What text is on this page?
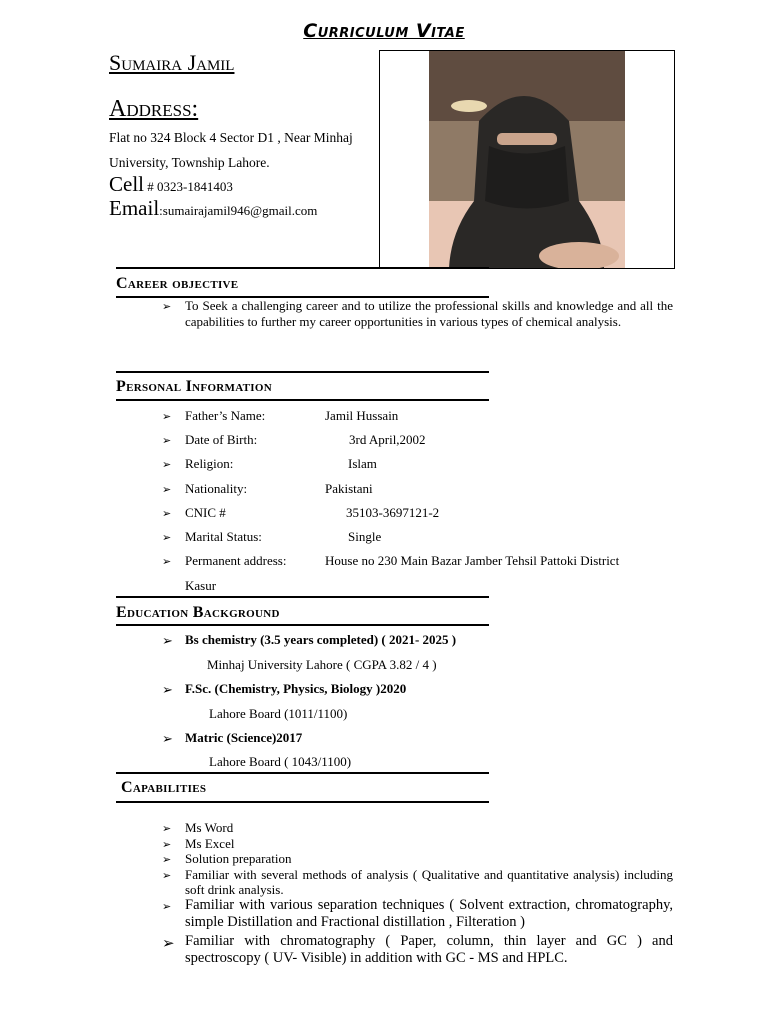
Curriculum Vitae
Sumaira Jamil
Address:
Flat no 324 Block 4 Sector D1 , Near Minhaj
University, Township Lahore.
Cell # 0323-1841403
Email:sumairajamil946@gmail.com
Career objective
➢ To Seek a challenging career and to utilize the professional skills and knowledge and all the capabilities to further my career opportunities in various types of chemical analysis.
Personal Information
➢ Father’s Name:	Jamil Hussain
➢ Date of Birth:	3rd April,2002
➢ Religion:	Islam
➢ Nationality:	Pakistani
➢ CNIC #	35103-3697121-2
➢ Marital Status:	Single
➢ Permanent address:	House no 230 Main Bazar Jamber Tehsil Pattoki District
Kasur
Education Background
➢ Bs chemistry (3.5 years completed) ( 2021- 2025 )
Minhaj University Lahore ( CGPA 3.82 / 4 )
➢ F.Sc. (Chemistry, Physics, Biology )2020
Lahore Board (1011/1100)
➢ Matric (Science)2017
Lahore Board ( 1043/1100)
Capabilities
➢ Ms Word
➢ Ms Excel
➢ Solution preparation
➢ Familiar with several methods of analysis ( Qualitative and quantitative analysis) including soft drink analysis.
➢ Familiar with various separation techniques ( Solvent extraction, chromatography, simple Distillation and Fractional distillation , Filteration )
➢ Familiar with chromatography ( Paper, column, thin layer and GC ) and spectroscopy ( UV- Visible) in addition with GC - MS and HPLC.
